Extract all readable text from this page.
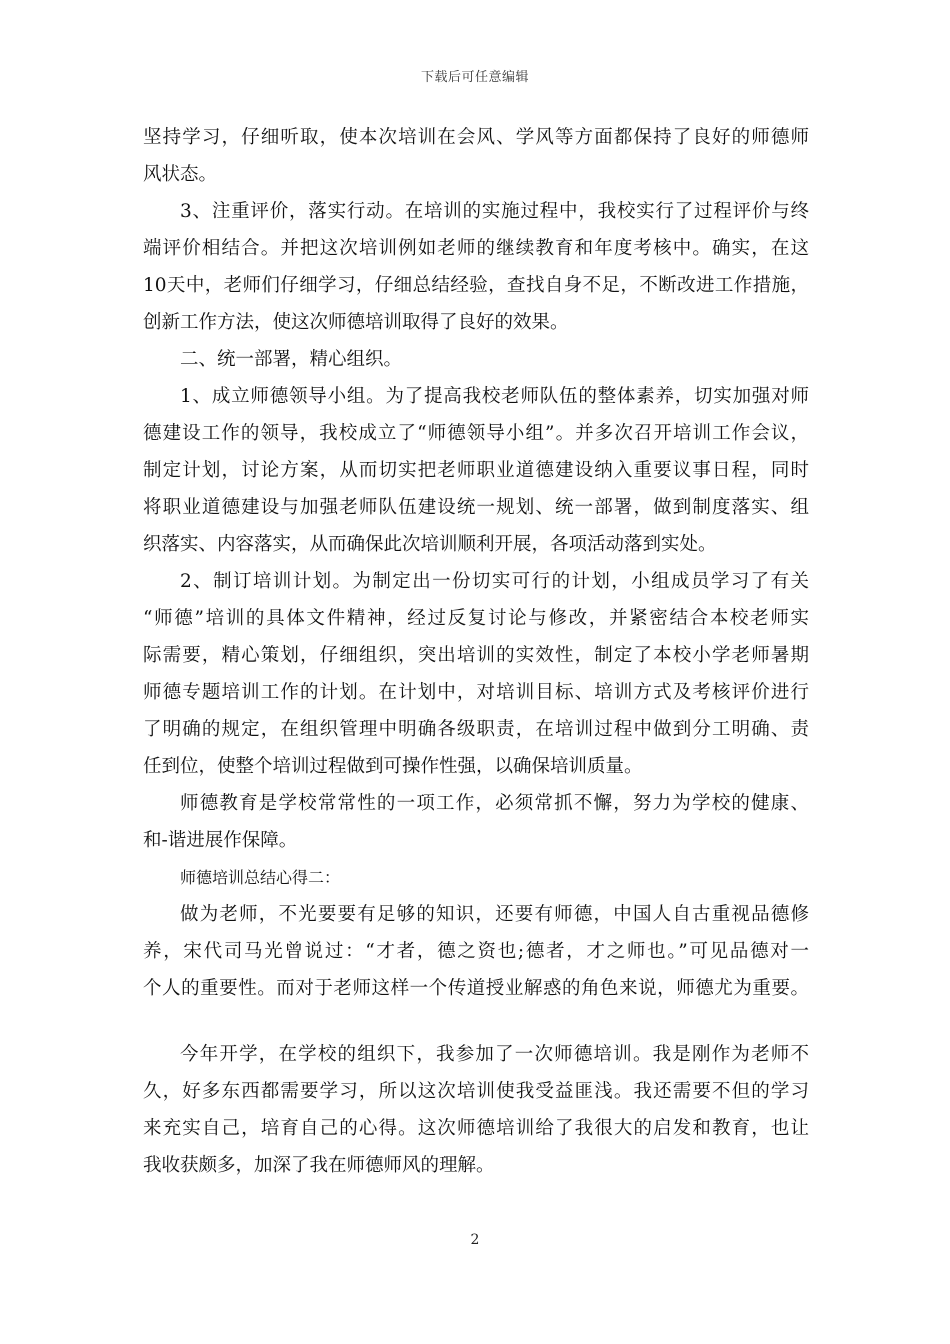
下载后可任意编辑
坚持学习，仔细听取，使本次培训在会风、学风等方面都保持了良好的师德师
风状态。
3、注重评价，落实行动。在培训的实施过程中，我校实行了过程评价与终
端评价相结合。并把这次培训例如老师的继续教育和年度考核中。确实，在这
10天中，老师们仔细学习，仔细总结经验，查找自身不足，不断改进工作措施，
创新工作方法，使这次师德培训取得了良好的效果。
二、统一部署，精心组织。
1、成立师德领导小组。为了提高我校老师队伍的整体素养，切实加强对师
德建设工作的领导，我校成立了“师德领导小组”。并多次召开培训工作会议，
制定计划，讨论方案，从而切实把老师职业道德建设纳入重要议事日程，同时
将职业道德建设与加强老师队伍建设统一规划、统一部署，做到制度落实、组
织落实、内容落实，从而确保此次培训顺利开展，各项活动落到实处。
2、制订培训计划。为制定出一份切实可行的计划，小组成员学习了有关
“师德”培训的具体文件精神，经过反复讨论与修改，并紧密结合本校老师实
际需要，精心策划，仔细组织，突出培训的实效性，制定了本校小学老师暑期
师德专题培训工作的计划。在计划中，对培训目标、培训方式及考核评价进行
了明确的规定，在组织管理中明确各级职责，在培训过程中做到分工明确、责
任到位，使整个培训过程做到可操作性强，以确保培训质量。
师德教育是学校常常性的一项工作，必须常抓不懈，努力为学校的健康、
和-谐进展作保障。
师德培训总结心得二：
做为老师，不光要要有足够的知识，还要有师德，中国人自古重视品德修
养，宋代司马光曾说过：“才者，德之资也;德者，才之师也。”可见品德对一
个人的重要性。而对于老师这样一个传道授业解惑的角色来说，师德尤为重要。
今年开学，在学校的组织下，我参加了一次师德培训。我是刚作为老师不
久，好多东西都需要学习，所以这次培训使我受益匪浅。我还需要不但的学习
来充实自己，培育自己的心得。这次师德培训给了我很大的启发和教育，也让
我收获颇多，加深了我在师德师风的理解。
2
